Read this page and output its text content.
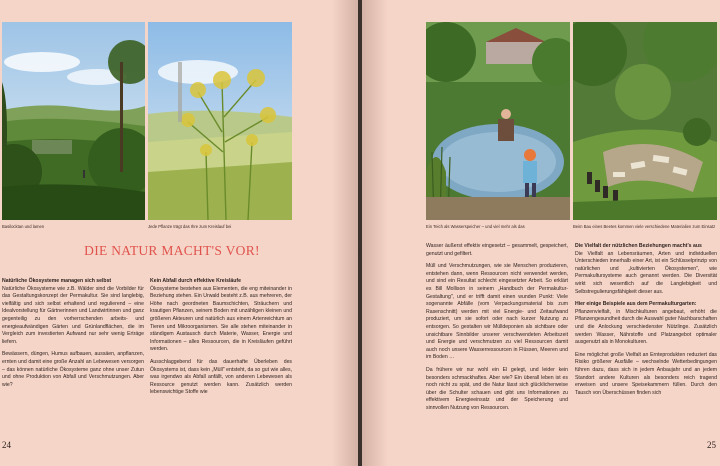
Basilocktan und lamen	Jede Pflanze trägt das Ihre zum Kreislauf bei
DIE NATUR MACHT'S VOR!

Natürliche Ökosysteme managen sich selbst
Natürliche Ökosysteme wie z.B. Wälder sind die Vorbilder für das Gestaltungskonzept der Permakultur. Sie sind langlebig, vielfältig und sich selbst erhaltend und regulierend – eine Idealvorstellung für Gärtnerinnen und Landwirtinnen und ganz gegenteilig zu den vorherrschenden arbeits- und energieaufwändigen Gärten und Grünlandflächen, die im Vergleich zum investierten Aufwand nur sehr wenig Erträge liefern.

Bewässern, düngen, Humus aufbauen, aussäen, anpflanzen, ernten und damit eine große Anzahl an Lebewesen versorgen – das können natürliche Ökosysteme ganz ohne unser Zutun und ohne Produktion von Abfall und Verschmutzungen. Aber wie?

Kein Abfall durch effektive Kreisläufe
Ökosysteme bestehen aus Elementen, die eng miteinander in Beziehung stehen. Ein Urwald besteht z.B. aus mehreren, der Höhe nach geordneten Baumschichten, Sträuchern und krautigen Pflanzen, seinem Boden mit unzähligen kleinen und größeren Akteuren und natürlich aus einem Artenreichtum an Tieren und Mikroorganismen. Sie alle stehen miteinander in ständigem Austausch durch Materie, Wasser, Energie und Informationen – alles Ressourcen, die in Kreisläufen geführt werden.

Ausschlaggebend für das dauerhafte Überleben des Ökosystems ist, dass kein „Müll" entsteht, da so gut wie alles, was irgendwo als Abfall anfällt, von anderen Lebewesen als Ressource genutzt werden kann. Zusätzlich werden lebenswichtige Stoffe wie

24
Ein Teich als Wasserspeicher – und viel mehr als das	Beim Bau eines Beetes kommen viele verschiedene Materialien zum Einsatz

Wasser äußerst effektiv eingesetzt – gesammelt, gespeichert, genutzt und gefiltert.

Müll und Verschmutzungen, wie sie Menschen produzieren, entstehen dann, wenn Ressourcen nicht verwendet werden, und sind ein Resultat schlecht eingesetzter Arbeit. So erklärt es Bill Mollison in seinem „Handbuch der Permakultur-Gestaltung", und er trifft damit einen wunden Punkt: Viele sogenannte Abfälle (vom Verpackungsmaterial bis zum Rasenschnitt) werden mit viel Energie- und Zeitaufwand produziert, um sie sofort oder nach kurzer Nutzung zu entsorgen. So gestalten wir Mülldeponien als sichtbare oder unsichtbare Sinnbilder unserer verschwendeten Arbeitszeit und Energie und verschmutzen zu viel Ressourcen damit auch noch unsere Wasserressourcen in Flüssen, Meeren und im Boden …

Da frühere wir nur wohl ein El gelegt, und leider kein besonders schmackhaftes. Aber wie? Ein überall leben ist es noch nicht zu spät, und die Natur lässt sich glücklicherweise über die Schulter schauen und gibt uns Informationen zu effektivem Energieeinsatz und der Speicherung und sinnvollen Nutzung von Ressourcen.

Die Vielfalt der nützlichen Beziehungen macht's aus
Die Vielfalt an Lebensräumen, Arten und individuellen Unterschieden innerhalb einer Art, ist ein Schlüsselprinzip von natürlichen und „kultivierten Ökosystemen", wie Permakultursysteme auch genannt werden. Die Diversität wirkt sich wesentlich auf die Langlebigkeit und Selbstregulierungsfähigkeit dieser aus.

Hier einige Beispiele aus dem Permakulturgarten:
Pflanzenvielfalt, in Mischkulturen angebaut, erhöht die Pflanzengesundheit durch die Auswahl guter Nachbarschaften und die Anlockung verschiedenster Nützlinge. Zusätzlich werden Wasser, Nährstoffe und Platzangebot optimaler ausgenutzt als in Monokulturen.

Eine möglichst große Vielfalt an Ernteprodukten reduziert das Risiko größerer Ausfälle – wechselnde Wetterbedingungen führen dazu, dass sich in jedem Anbaujahr und an jedem Standort andere Kulturen als besonders reich tragend erweisen und unsere Speisekammern füllen. Durch den Tausch von Überschüssen finden sich

25
